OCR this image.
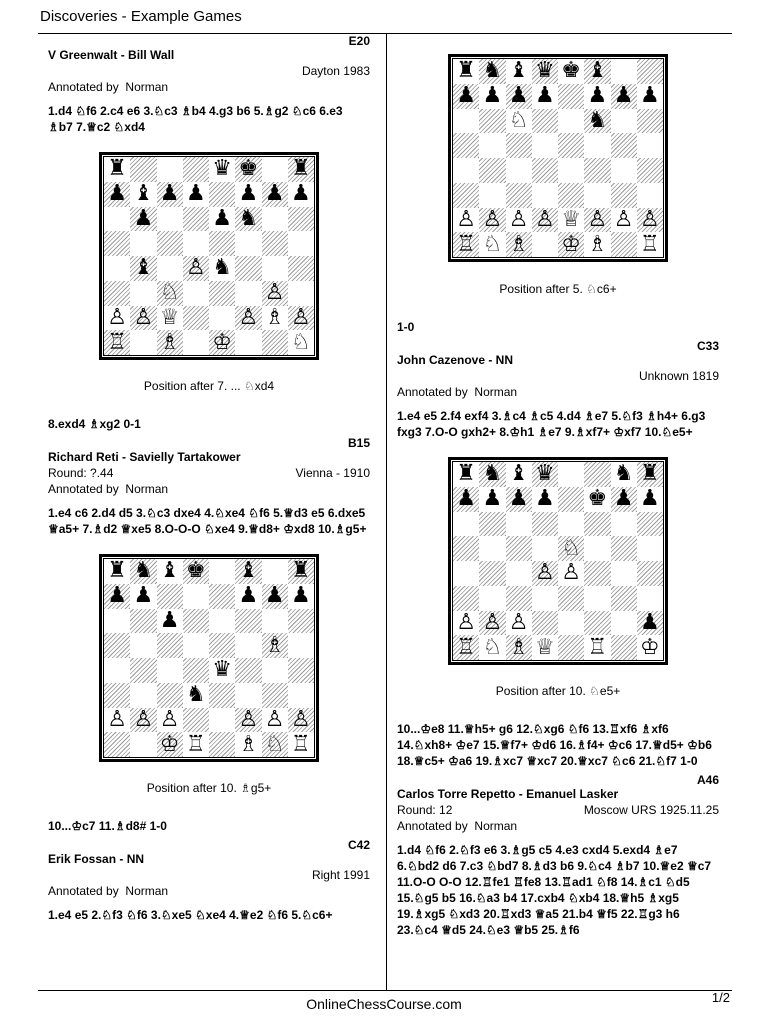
Discoveries - Example Games
E20
V Greenwalt - Bill Wall
Dayton 1983
Annotated by Norman
1.d4 ♘f6 2.c4 e6 3.♘c3 ♗b4 4.g3 b6 5.♗g2 ♘c6 6.e3 ♗b7 7.♕c2 ♘xd4
♜	♛ ♚ ♜
♟ ♝ ♟ ♟ ♟ ♟ ♟
♟	♟ ♞
♝ ♙ ♞
♘	♙
♙ ♙ ♕	♙ ♗ ♙
♖ ♗ ♔	♘
Position after 7. ... ♘xd4
8.exd4 ♗xg2 0-1
B15
Richard Reti - Savielly Tartakower
Round: ?.44	Vienna - 1910
Annotated by Norman
1.e4 c6 2.d4 d5 3.♘c3 dxe4 4.♘xe4 ♘f6 5.♕d3 e5 6.dxe5 ♕a5+ 7.♗d2 ♕xe5 8.O-O-O ♘xe4 9.♕d8+ ♔xd8 10.♗g5+
♜ ♞ ♝ ♚ ♝ ♜
♟ ♟	♟ ♟ ♟
♟
♗
♛
♞
♙ ♙ ♙	♙ ♙ ♙
♔ ♖ ♗ ♘ ♖
Position after 10. ♗g5+
10...♔c7 11.♗d8# 1-0
C42
Erik Fossan - NN
Right 1991
Annotated by Norman
1.e4 e5 2.♘f3 ♘f6 3.♘xe5 ♘xe4 4.♕e2 ♘f6 5.♘c6+
♜ ♞ ♝ ♛ ♚ ♝
♟ ♟ ♟ ♟ ♟ ♟ ♟
♘	♞
♙ ♙ ♙ ♙ ♕ ♙ ♙ ♙
♖ ♘ ♗ ♔ ♗ ♖
Position after 5. ♘c6+
1-0
C33
John Cazenove - NN
Unknown 1819
Annotated by Norman
1.e4 e5 2.f4 exf4 3.♗c4 ♗c5 4.d4 ♗e7 5.♘f3 ♗h4+ 6.g3 fxg3 7.O-O gxh2+ 8.♔h1 ♗e7 9.♗xf7+ ♔xf7 10.♘e5+
♜ ♞ ♝ ♛	♞ ♜
♟ ♟ ♟ ♟ ♚ ♟ ♟
♘
♙ ♙
♙ ♙ ♙	♟
♖ ♘ ♗ ♕ ♖ ♔
Position after 10. ♘e5+
10...♔e8 11.♕h5+ g6 12.♘xg6 ♘f6 13.♖xf6 ♗xf6 14.♘xh8+ ♔e7 15.♕f7+ ♔d6 16.♗f4+ ♔c6 17.♕d5+ ♔b6 18.♕c5+ ♔a6 19.♗xc7 ♕xc7 20.♕xc7 ♘c6 21.♘f7 1-0
A46
Carlos Torre Repetto - Emanuel Lasker
Round: 12	Moscow URS 1925.11.25
Annotated by Norman
1.d4 ♘f6 2.♘f3 e6 3.♗g5 c5 4.e3 cxd4 5.exd4 ♗e7 6.♘bd2 d6 7.c3 ♘bd7 8.♗d3 b6 9.♘c4 ♗b7 10.♕e2 ♕c7 11.O-O O-O 12.♖fe1 ♖fe8 13.♖ad1 ♘f8 14.♗c1 ♘d5 15.♘g5 b5 16.♘a3 b4 17.cxb4 ♘xb4 18.♕h5 ♗xg5 19.♗xg5 ♘xd3 20.♖xd3 ♕a5 21.b4 ♕f5 22.♖g3 h6 23.♘c4 ♕d5 24.♘e3 ♕b5 25.♗f6
OnlineChessCourse.com	1/2
